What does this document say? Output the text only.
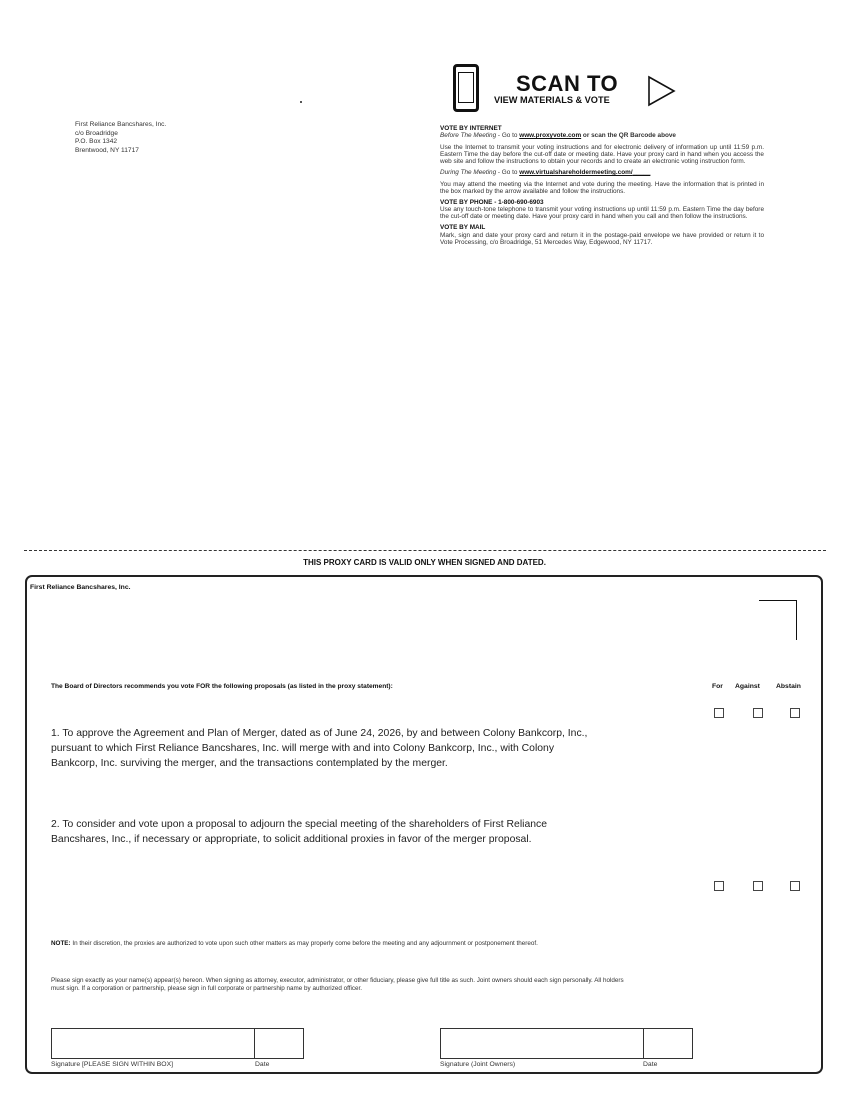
First Reliance Bancshares, Inc.
c/o Broadridge
P.O. Box 1342
Brentwood, NY 11717
SCAN TO
VIEW MATERIALS & VOTE
VOTE BY INTERNET

Before The Meeting - Go to www.proxyvote.com or scan the QR Barcode above

Use the Internet to transmit your voting instructions and for electronic delivery of information up until 11:59 p.m. Eastern Time the day before the cut-off date or meeting date. Have your proxy card in hand when you access the web site and follow the instructions to obtain your records and to create an electronic voting instruction form.

During The Meeting - Go to www.virtualshareholdermeeting.com/_____

You may attend the meeting via the Internet and vote during the meeting. Have the information that is printed in the box marked by the arrow available and follow the instructions.

VOTE BY PHONE - 1-800-690-6903

Use any touch-tone telephone to transmit your voting instructions up until 11:59 p.m. Eastern Time the day before the cut-off date or meeting date. Have your proxy card in hand when you call and then follow the instructions.

VOTE BY MAIL

Mark, sign and date your proxy card and return it in the postage-paid envelope we have provided or return it to Vote Processing, c/o Broadridge, 51 Mercedes Way, Edgewood, NY 11717.

THIS PROXY CARD IS VALID ONLY WHEN SIGNED AND DATED.
First Reliance Bancshares, Inc.
The Board of Directors recommends you vote FOR the following proposals (as listed in the proxy statement):	For Against Abstain
1. To approve the Agreement and Plan of Merger, dated as of June 24, 2026, by and between Colony Bankcorp, Inc., pursuant to which First Reliance Bancshares, Inc. will merge with and into Colony Bankcorp, Inc., with Colony Bankcorp, Inc. surviving the merger, and the transactions contemplated by the merger.
2. To consider and vote upon a proposal to adjourn the special meeting of the shareholders of First Reliance Bancshares, Inc., if necessary or appropriate, to solicit additional proxies in favor of the merger proposal.
NOTE: In their discretion, the proxies are authorized to vote upon such other matters as may properly come before the meeting and any adjournment or postponement thereof.
Please sign exactly as your name(s) appear(s) hereon. When signing as attorney, executor, administrator, or other fiduciary, please give full title as such. Joint owners should each sign personally. All holders must sign. If a corporation or partnership, please sign in full corporate or partnership name by authorized officer.
Signature [PLEASE SIGN WITHIN BOX]	Date	Signature (Joint Owners)	Date
